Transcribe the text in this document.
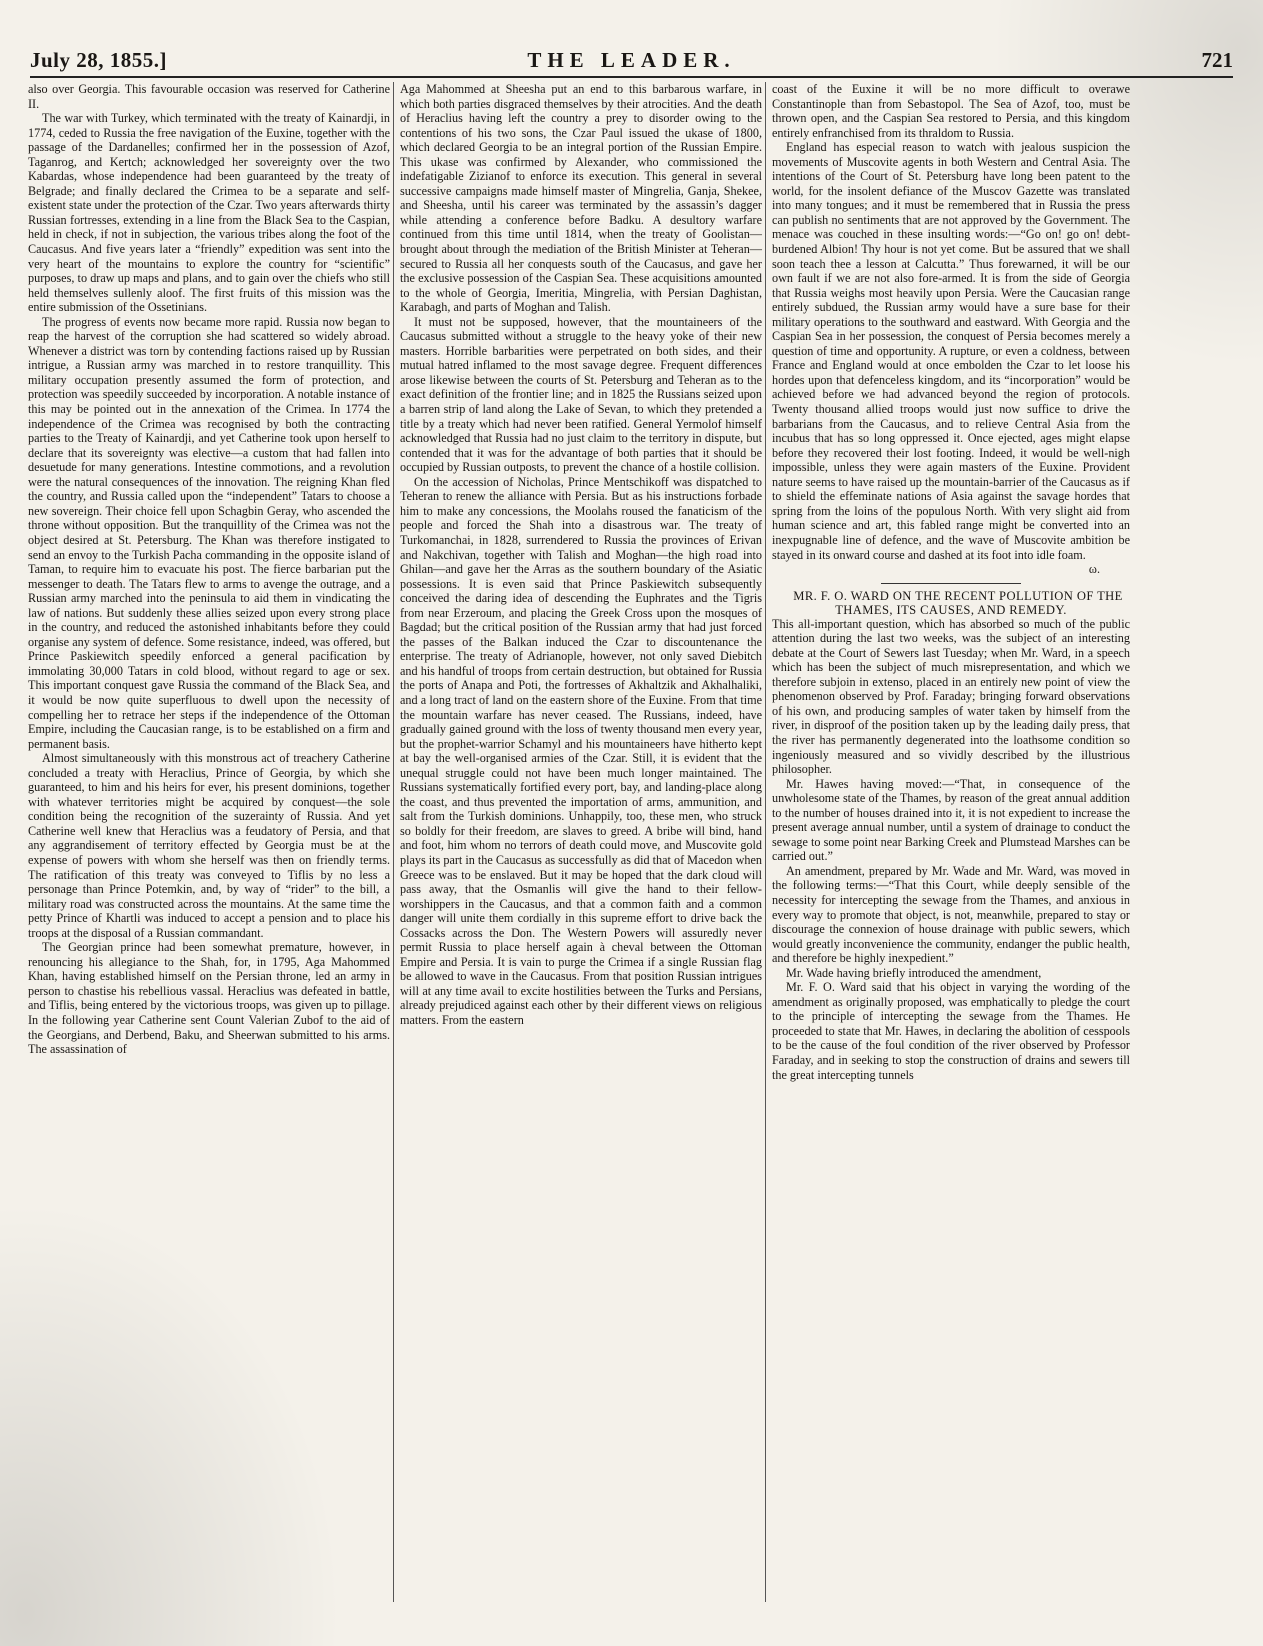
July 28, 1855.]	THE LEADER.	721

also over Georgia. This favourable occasion was reserved for Catherine II.

The war with Turkey, which terminated with the treaty of Kainardji, in 1774, ceded to Russia the free navigation of the Euxine, together with the passage of the Dardanelles; confirmed her in the possession of Azof, Taganrog, and Kertch; acknowledged her sovereignty over the two Kabardas, whose independence had been guaranteed by the treaty of Belgrade; and finally declared the Crimea to be a separate and self-existent state under the protection of the Czar. Two years afterwards thirty Russian fortresses, extending in a line from the Black Sea to the Caspian, held in check, if not in subjection, the various tribes along the foot of the Caucasus. And five years later a “friendly” expedition was sent into the very heart of the mountains to explore the country for “scientific” purposes, to draw up maps and plans, and to gain over the chiefs who still held themselves sullenly aloof. The first fruits of this mission was the entire submission of the Ossetinians.

The progress of events now became more rapid. Russia now began to reap the harvest of the corruption she had scattered so widely abroad. Whenever a district was torn by contending factions raised up by Russian intrigue, a Russian army was marched in to restore tranquillity. This military occupation presently assumed the form of protection, and protection was speedily succeeded by incorporation. A notable instance of this may be pointed out in the annexation of the Crimea. In 1774 the independence of the Crimea was recognised by both the contracting parties to the Treaty of Kainardji, and yet Catherine took upon herself to declare that its sovereignty was elective—a custom that had fallen into desuetude for many generations. Intestine commotions, and a revolution were the natural consequences of the innovation. The reigning Khan fled the country, and Russia called upon the “independent” Tatars to choose a new sovereign. Their choice fell upon Schagbin Geray, who ascended the throne without opposition. But the tranquillity of the Crimea was not the object desired at St. Petersburg. The Khan was therefore instigated to send an envoy to the Turkish Pacha commanding in the opposite island of Taman, to require him to evacuate his post. The fierce barbarian put the messenger to death. The Tatars flew to arms to avenge the outrage, and a Russian army marched into the peninsula to aid them in vindicating the law of nations. But suddenly these allies seized upon every strong place in the country, and reduced the astonished inhabitants before they could organise any system of defence. Some resistance, indeed, was offered, but Prince Paskiewitch speedily enforced a general pacification by immolating 30,000 Tatars in cold blood, without regard to age or sex. This important conquest gave Russia the command of the Black Sea, and it would be now quite superfluous to dwell upon the necessity of compelling her to retrace her steps if the independence of the Ottoman Empire, including the Caucasian range, is to be established on a firm and permanent basis.

Almost simultaneously with this monstrous act of treachery Catherine concluded a treaty with Heraclius, Prince of Georgia, by which she guaranteed, to him and his heirs for ever, his present dominions, together with whatever territories might be acquired by conquest—the sole condition being the recognition of the suzerainty of Russia. And yet Catherine well knew that Heraclius was a feudatory of Persia, and that any aggrandisement of territory effected by Georgia must be at the expense of powers with whom she herself was then on friendly terms. The ratification of this treaty was conveyed to Tiflis by no less a personage than Prince Potemkin, and, by way of “rider” to the bill, a military road was constructed across the mountains. At the same time the petty Prince of Khartli was induced to accept a pension and to place his troops at the disposal of a Russian commandant.

The Georgian prince had been somewhat premature, however, in renouncing his allegiance to the Shah, for, in 1795, Aga Mahommed Khan, having established himself on the Persian throne, led an army in person to chastise his rebellious vassal. Heraclius was defeated in battle, and Tiflis, being entered by the victorious troops, was given up to pillage. In the following year Catherine sent Count Valerian Zubof to the aid of the Georgians, and Derbend, Baku, and Sheerwan submitted to his arms. The assassination of

Aga Mahommed at Sheesha put an end to this barbarous warfare, in which both parties disgraced themselves by their atrocities. And the death of Heraclius having left the country a prey to disorder owing to the contentions of his two sons, the Czar Paul issued the ukase of 1800, which declared Georgia to be an integral portion of the Russian Empire. This ukase was confirmed by Alexander, who commissioned the indefatigable Zizianof to enforce its execution. This general in several successive campaigns made himself master of Mingrelia, Ganja, Shekee, and Sheesha, until his career was terminated by the assassin’s dagger while attending a conference before Badku. A desultory warfare continued from this time until 1814, when the treaty of Goolistan—brought about through the mediation of the British Minister at Teheran—secured to Russia all her conquests south of the Caucasus, and gave her the exclusive possession of the Caspian Sea. These acquisitions amounted to the whole of Georgia, Imeritia, Mingrelia, with Persian Daghistan, Karabagh, and parts of Moghan and Talish.

It must not be supposed, however, that the mountaineers of the Caucasus submitted without a struggle to the heavy yoke of their new masters. Horrible barbarities were perpetrated on both sides, and their mutual hatred inflamed to the most savage degree. Frequent differences arose likewise between the courts of St. Petersburg and Teheran as to the exact definition of the frontier line; and in 1825 the Russians seized upon a barren strip of land along the Lake of Sevan, to which they pretended a title by a treaty which had never been ratified. General Yermolof himself acknowledged that Russia had no just claim to the territory in dispute, but contended that it was for the advantage of both parties that it should be occupied by Russian outposts, to prevent the chance of a hostile collision.

On the accession of Nicholas, Prince Mentschikoff was dispatched to Teheran to renew the alliance with Persia. But as his instructions forbade him to make any concessions, the Moolahs roused the fanaticism of the people and forced the Shah into a disastrous war. The treaty of Turkomanchai, in 1828, surrendered to Russia the provinces of Erivan and Nakchivan, together with Talish and Moghan—the high road into Ghilan—and gave her the Arras as the southern boundary of the Asiatic possessions. It is even said that Prince Paskiewitch subsequently conceived the daring idea of descending the Euphrates and the Tigris from near Erzeroum, and placing the Greek Cross upon the mosques of Bagdad; but the critical position of the Russian army that had just forced the passes of the Balkan induced the Czar to discountenance the enterprise. The treaty of Adrianople, however, not only saved Diebitch and his handful of troops from certain destruction, but obtained for Russia the ports of Anapa and Poti, the fortresses of Akhaltzik and Akhalhaliki, and a long tract of land on the eastern shore of the Euxine. From that time the mountain warfare has never ceased. The Russians, indeed, have gradually gained ground with the loss of twenty thousand men every year, but the prophet-warrior Schamyl and his mountaineers have hitherto kept at bay the well-organised armies of the Czar. Still, it is evident that the unequal struggle could not have been much longer maintained. The Russians systematically fortified every port, bay, and landing-place along the coast, and thus prevented the importation of arms, ammunition, and salt from the Turkish dominions. Unhappily, too, these men, who struck so boldly for their freedom, are slaves to greed. A bribe will bind, hand and foot, him whom no terrors of death could move, and Muscovite gold plays its part in the Caucasus as successfully as did that of Macedon when Greece was to be enslaved. But it may be hoped that the dark cloud will pass away, that the Osmanlis will give the hand to their fellow-worshippers in the Caucasus, and that a common faith and a common danger will unite them cordially in this supreme effort to drive back the Cossacks across the Don. The Western Powers will assuredly never permit Russia to place herself again à cheval between the Ottoman Empire and Persia. It is vain to purge the Crimea if a single Russian flag be allowed to wave in the Caucasus. From that position Russian intrigues will at any time avail to excite hostilities between the Turks and Persians, already prejudiced against each other by their different views on religious matters. From the eastern

coast of the Euxine it will be no more difficult to overawe Constantinople than from Sebastopol. The Sea of Azof, too, must be thrown open, and the Caspian Sea restored to Persia, and this kingdom entirely enfranchised from its thraldom to Russia.

England has especial reason to watch with jealous suspicion the movements of Muscovite agents in both Western and Central Asia. The intentions of the Court of St. Petersburg have long been patent to the world, for the insolent defiance of the Muscov Gazette was translated into many tongues; and it must be remembered that in Russia the press can publish no sentiments that are not approved by the Government. The menace was couched in these insulting words:—“Go on! go on! debt-burdened Albion! Thy hour is not yet come. But be assured that we shall soon teach thee a lesson at Calcutta.” Thus forewarned, it will be our own fault if we are not also fore-armed. It is from the side of Georgia that Russia weighs most heavily upon Persia. Were the Caucasian range entirely subdued, the Russian army would have a sure base for their military operations to the southward and eastward. With Georgia and the Caspian Sea in her possession, the conquest of Persia becomes merely a question of time and opportunity. A rupture, or even a coldness, between France and England would at once embolden the Czar to let loose his hordes upon that defenceless kingdom, and its “incorporation” would be achieved before we had advanced beyond the region of protocols. Twenty thousand allied troops would just now suffice to drive the barbarians from the Caucasus, and to relieve Central Asia from the incubus that has so long oppressed it. Once ejected, ages might elapse before they recovered their lost footing. Indeed, it would be well-nigh impossible, unless they were again masters of the Euxine. Provident nature seems to have raised up the mountain-barrier of the Caucasus as if to shield the effeminate nations of Asia against the savage hordes that spring from the loins of the populous North. With very slight aid from human science and art, this fabled range might be converted into an inexpugnable line of defence, and the wave of Muscovite ambition be stayed in its onward course and dashed at its foot into idle foam.

ω.

MR. F. O. WARD ON THE RECENT POLLUTION OF THE THAMES, ITS CAUSES, AND REMEDY.

This all-important question, which has absorbed so much of the public attention during the last two weeks, was the subject of an interesting debate at the Court of Sewers last Tuesday; when Mr. Ward, in a speech which has been the subject of much misrepresentation, and which we therefore subjoin in extenso, placed in an entirely new point of view the phenomenon observed by Prof. Faraday; bringing forward observations of his own, and producing samples of water taken by himself from the river, in disproof of the position taken up by the leading daily press, that the river has permanently degenerated into the loathsome condition so ingeniously measured and so vividly described by the illustrious philosopher.

Mr. Hawes having moved:—“That, in consequence of the unwholesome state of the Thames, by reason of the great annual addition to the number of houses drained into it, it is not expedient to increase the present average annual number, until a system of drainage to conduct the sewage to some point near Barking Creek and Plumstead Marshes can be carried out.”

An amendment, prepared by Mr. Wade and Mr. Ward, was moved in the following terms:—“That this Court, while deeply sensible of the necessity for intercepting the sewage from the Thames, and anxious in every way to promote that object, is not, meanwhile, prepared to stay or discourage the connexion of house drainage with public sewers, which would greatly inconvenience the community, endanger the public health, and therefore be highly inexpedient.”

Mr. Wade having briefly introduced the amendment,

Mr. F. O. Ward said that his object in varying the wording of the amendment as originally proposed, was emphatically to pledge the court to the principle of intercepting the sewage from the Thames. He proceeded to state that Mr. Hawes, in declaring the abolition of cesspools to be the cause of the foul condition of the river observed by Professor Faraday, and in seeking to stop the construction of drains and sewers till the great intercepting tunnels
